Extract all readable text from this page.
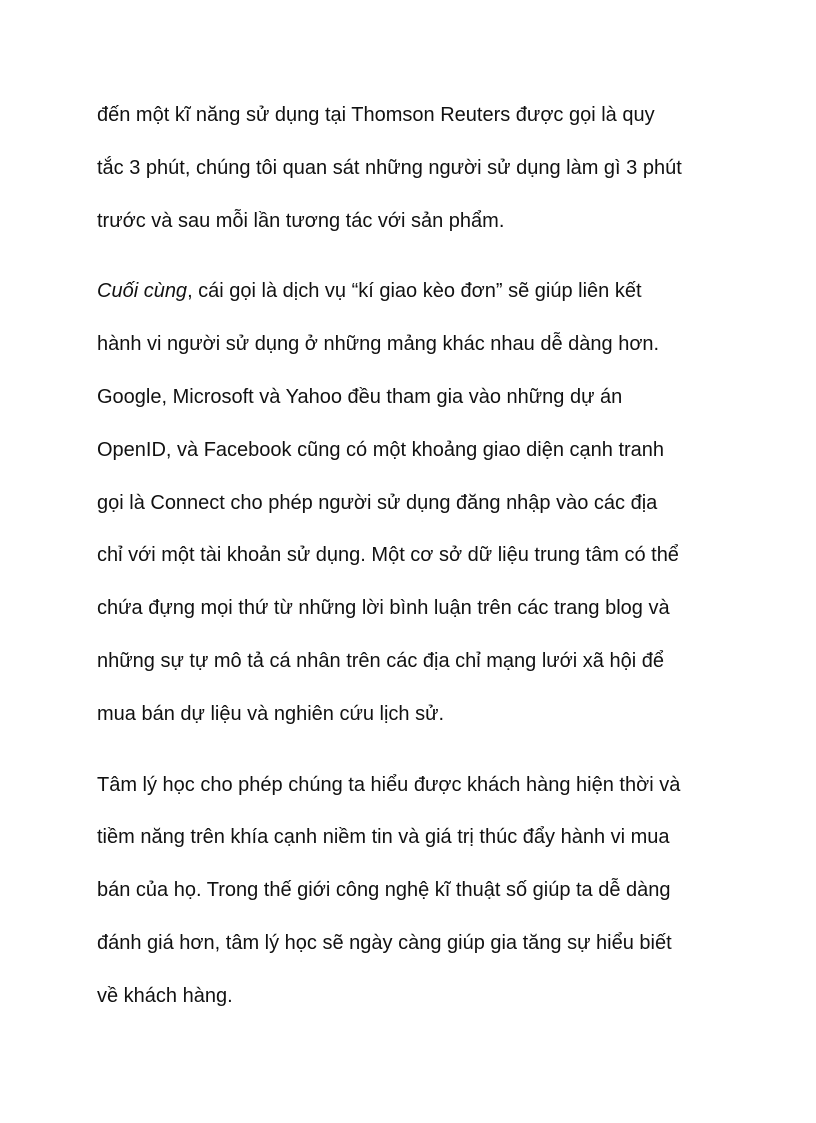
đến một kĩ năng sử dụng tại Thomson Reuters được gọi là quy
tắc 3 phút, chúng tôi quan sát những người sử dụng làm gì 3 phút
trước và sau mỗi lần tương tác với sản phẩm.
Cuối cùng, cái gọi là dịch vụ “kí giao kèo đơn” sẽ giúp liên kết
hành vi người sử dụng ở những mảng khác nhau dễ dàng hơn.
Google, Microsoft và Yahoo đều tham gia vào những dự án
OpenID, và Facebook cũng có một khoảng giao diện cạnh tranh
gọi là Connect cho phép người sử dụng đăng nhập vào các địa
chỉ với một tài khoản sử dụng. Một cơ sở dữ liệu trung tâm có thể
chứa đựng mọi thứ từ những lời bình luận trên các trang blog và
những sự tự mô tả cá nhân trên các địa chỉ mạng lưới xã hội để
mua bán dự liệu và nghiên cứu lịch sử.
Tâm lý học cho phép chúng ta hiểu được khách hàng hiện thời và
tiềm năng trên khía cạnh niềm tin và giá trị thúc đẩy hành vi mua
bán của họ. Trong thế giới công nghệ kĩ thuật số giúp ta dễ dàng
đánh giá hơn, tâm lý học sẽ ngày càng giúp gia tăng sự hiểu biết
về khách hàng.
